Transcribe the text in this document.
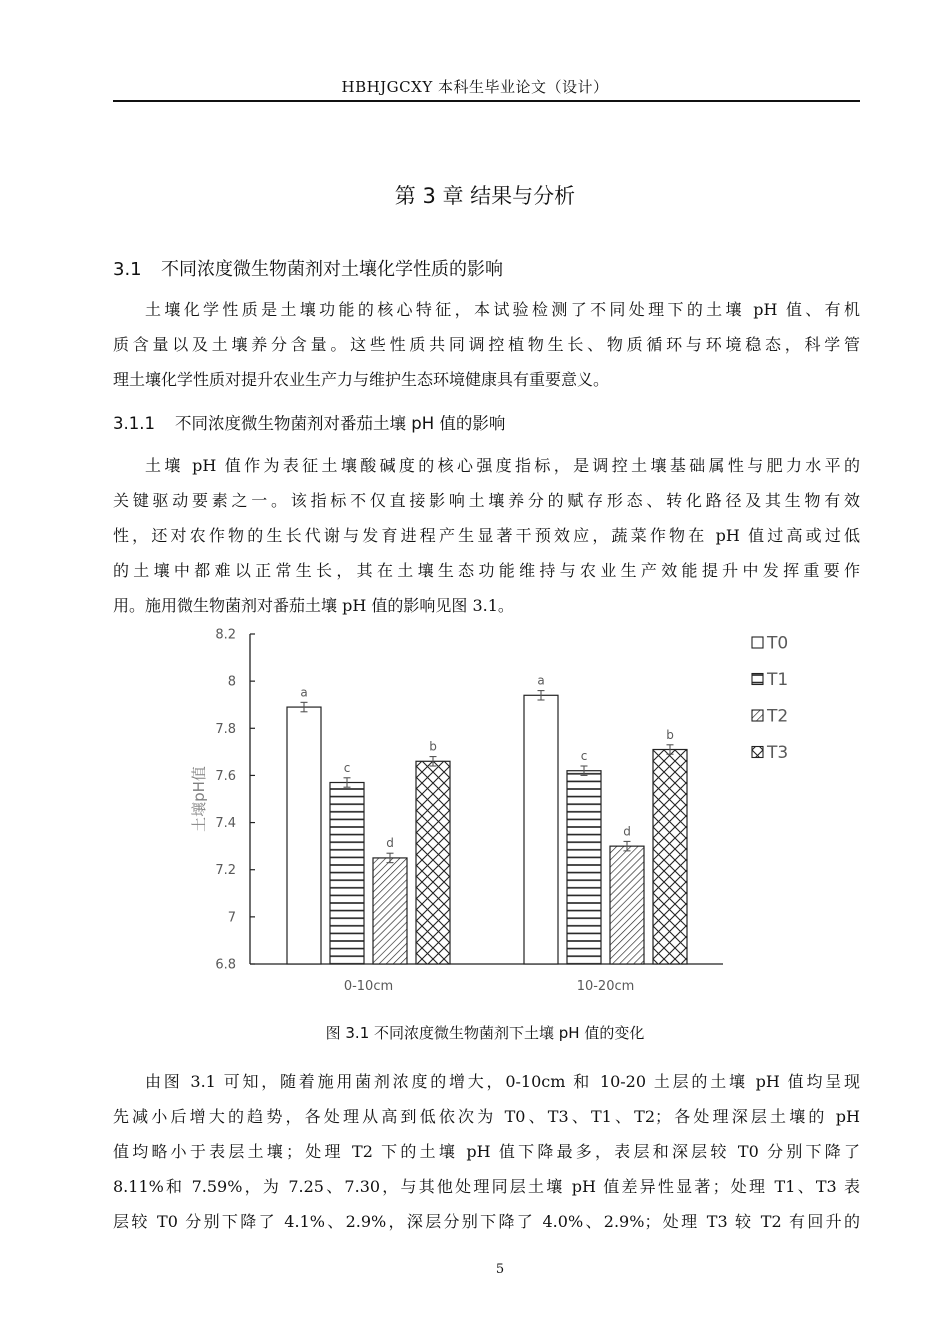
HBHJGCXY 本科生毕业论文（设计）
第 3 章 结果与分析
3.1 不同浓度微生物菌剂对土壤化学性质的影响
土壤化学性质是土壤功能的核心特征，本试验检测了不同处理下的土壤 pH 值、有机
质含量以及土壤养分含量。这些性质共同调控植物生长、物质循环与环境稳态，科学管
理土壤化学性质对提升农业生产力与维护生态环境健康具有重要意义。
3.1.1 不同浓度微生物菌剂对番茄土壤 pH 值的影响
土壤 pH 值作为表征土壤酸碱度的核心强度指标，是调控土壤基础属性与肥力水平的
关键驱动要素之一。该指标不仅直接影响土壤养分的赋存形态、转化路径及其生物有效
性，还对农作物的生长代谢与发育进程产生显著干预效应，蔬菜作物在 pH 值过高或过低
的土壤中都难以正常生长，其在土壤生态功能维持与农业生产效能提升中发挥重要作
用。施用微生物菌剂对番茄土壤 pH 值的影响见图 3.1。
6.8
7
7.2
7.4
7.6
7.8
8
8.2
土壤pH值
a
c
d
b
0-10cm
a
c
d
b
10-20cm
T0
T1
T2
T3
图 3.1 不同浓度微生物菌剂下土壤 pH 值的变化
由图 3.1 可知，随着施用菌剂浓度的增大，0-10cm 和 10-20 土层的土壤 pH 值均呈现
先减小后增大的趋势，各处理从高到低依次为 T0、T3、T1、T2；各处理深层土壤的 pH
值均略小于表层土壤；处理 T2 下的土壤 pH 值下降最多，表层和深层较 T0 分别下降了
8.11%和 7.59%，为 7.25、7.30，与其他处理同层土壤 pH 值差异性显著；处理 T1、T3 表
层较 T0 分别下降了 4.1%、2.9%，深层分别下降了 4.0%、2.9%；处理 T3 较 T2 有回升的
5
